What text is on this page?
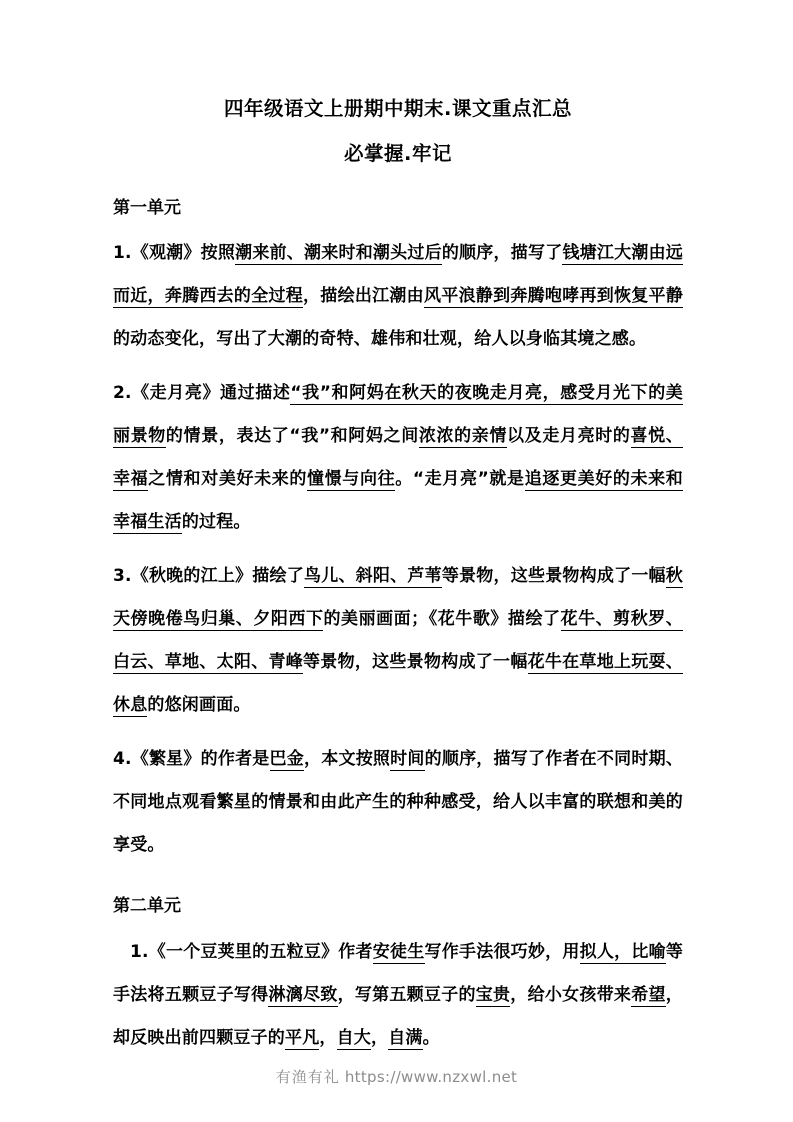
四年级语文上册期中期末.课文重点汇总
必掌握.牢记
第一单元
1.《观潮》按照潮来前、潮来时和潮头过后的顺序，描写了钱塘江大潮由远而近，奔腾西去的全过程，描绘出江潮由风平浪静到奔腾咆哮再到恢复平静的动态变化，写出了大潮的奇特、雄伟和壮观，给人以身临其境之感。
2.《走月亮》通过描述“我”和阿妈在秋天的夜晚走月亮，感受月光下的美丽景物的情景，表达了“我”和阿妈之间浓浓的亲情以及走月亮时的喜悦、幸福之情和对美好未来的憧憬与向往。“走月亮”就是追逐更美好的未来和幸福生活的过程。
3.《秋晚的江上》描绘了鸟儿、斜阳、芦苇等景物，这些景物构成了一幅秋天傍晚倦鸟归巢、夕阳西下的美丽画面；《花牛歌》描绘了花牛、剪秋罗、白云、草地、太阳、青峰等景物，这些景物构成了一幅花牛在草地上玩耍、休息的悠闲画面。
4.《繁星》的作者是巴金，本文按照时间的顺序，描写了作者在不同时期、不同地点观看繁星的情景和由此产生的种种感受，给人以丰富的联想和美的享受。
第二单元
1.《一个豆荚里的五粒豆》作者安徒生写作手法很巧妙，用拟人，比喻等手法将五颗豆子写得淋漓尽致，写第五颗豆子的宝贵，给小女孩带来希望，却反映出前四颗豆子的平凡，自大，自满。
有渔有礼 https://www.nzxwl.net
